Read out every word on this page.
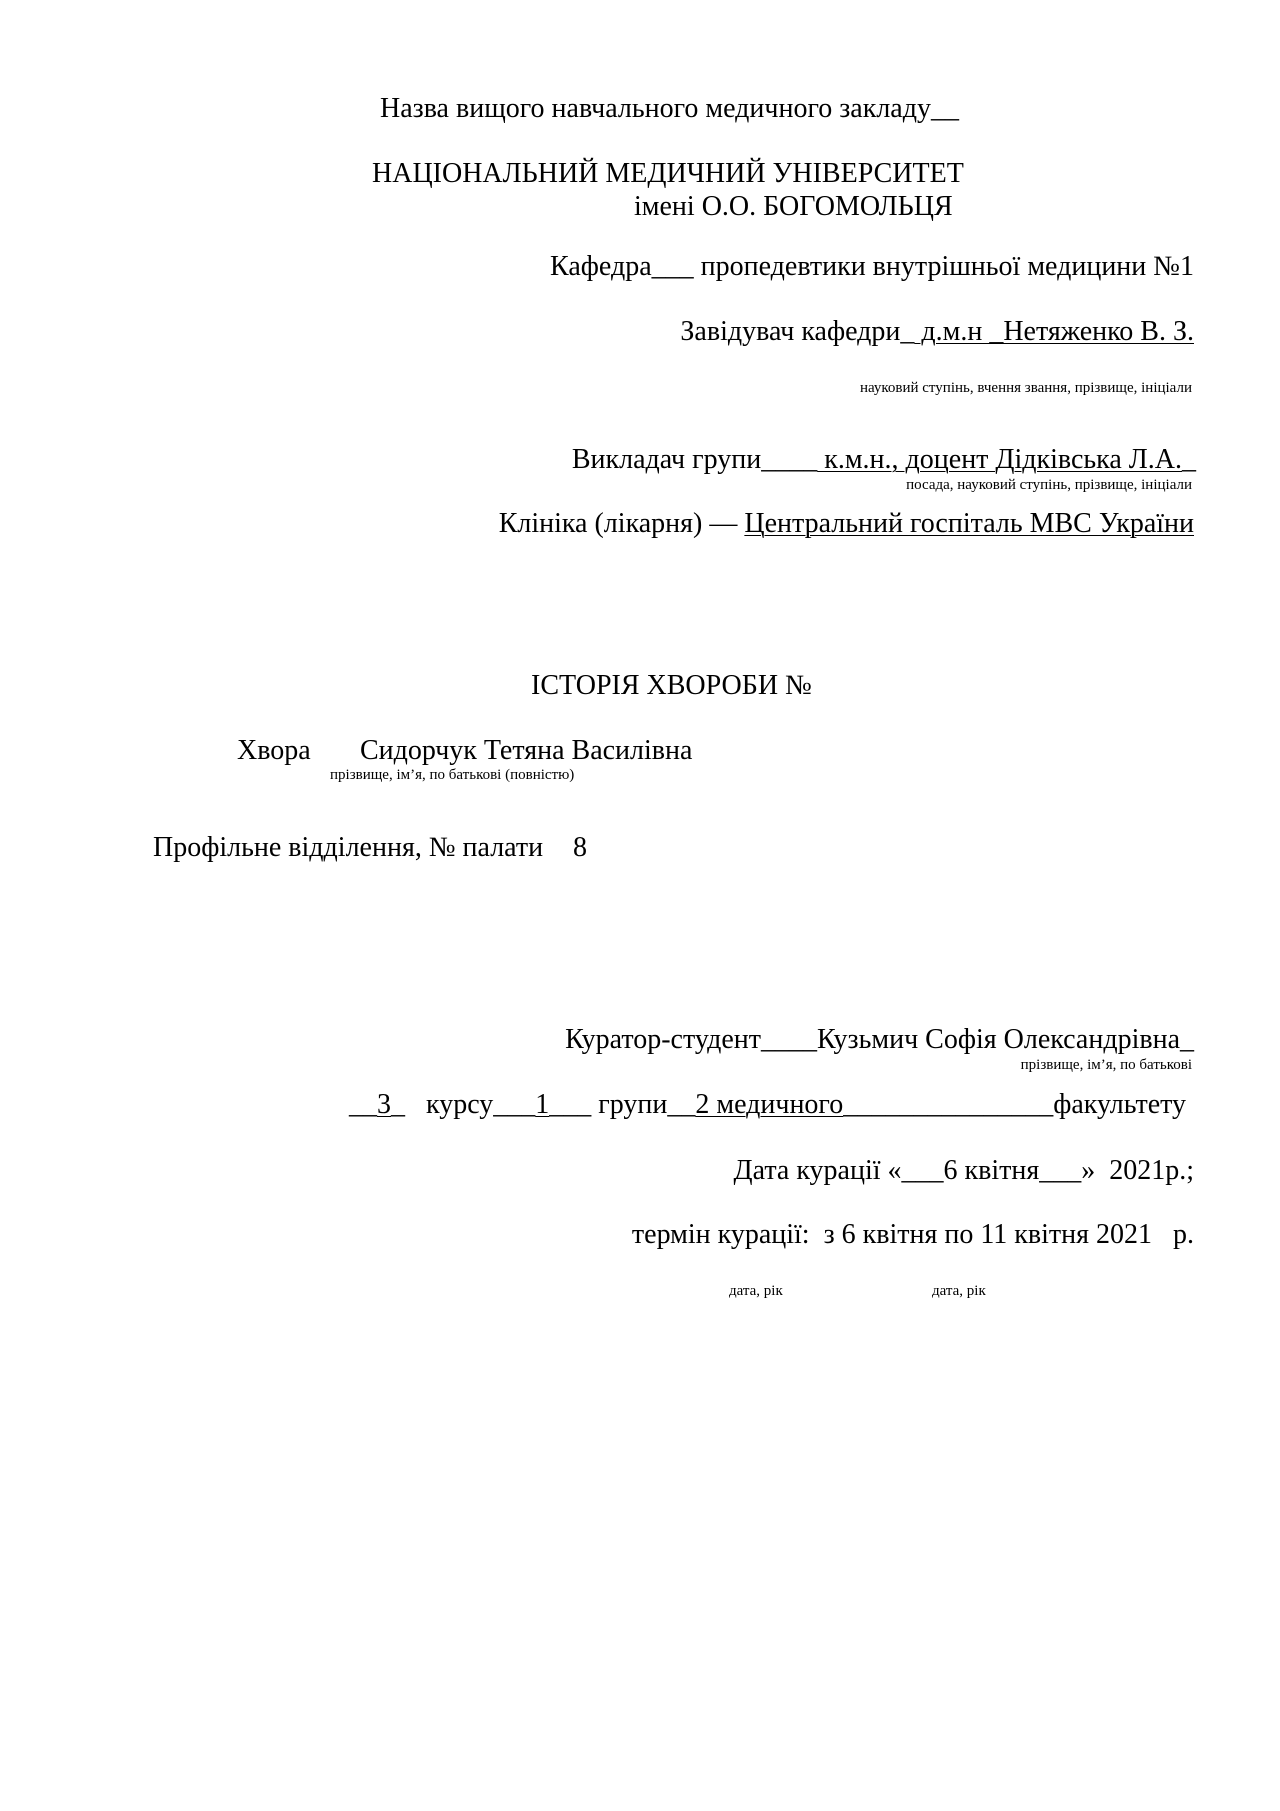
Назва вищого навчального медичного закладу__
НАЦІОНАЛЬНИЙ МЕДИЧНИЙ УНІВЕРСИТЕТ
імені О.О. БОГОМОЛЬЦЯ
Кафедра___ пропедевтики внутрішньої медицини №1
Завідувач кафедри_ д.м.н _Нетяженко В. З.
науковий ступінь, вчення звання, прізвище, ініціали
Викладач групи____ к.м.н., доцент Дідківська Л.А._
посада, науковий ступінь, прізвище, ініціали
Клініка (лікарня) — Центральний госпіталь МВС України
ІСТОРІЯ ХВОРОБИ №
Хвора Сидорчук Тетяна Василівна
прізвище, ім’я, по батькові (повністю)
Профільне відділення, № палати 8
Куратор-студент____Кузьмич Софія Олександрівна_
прізвище, ім’я, по батькові
__3_ курсу___1___ групи__2 медичного_______________факультету
Дата курації «___6 квітня___»  2021р.;
термін курації:  з 6 квітня по 11 квітня 2021   р.
дата, рік	дата, рік
